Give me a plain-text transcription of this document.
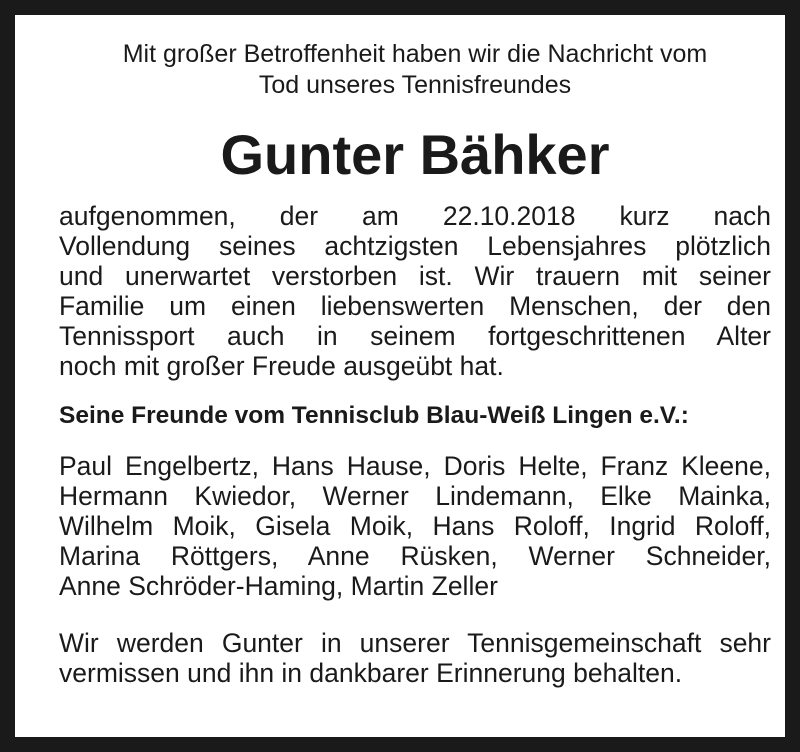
Mit großer Betroffenheit haben wir die Nachricht vom
Tod unseres Tennisfreundes

Gunter Bähker
aufgenommen, der am 22.10.2018 kurz nach
Vollendung seines achtzigsten Lebensjahres plötzlich
und unerwartet verstorben ist. Wir trauern mit seiner
Familie um einen liebenswerten Menschen, der den
Tennissport auch in seinem fortgeschrittenen Alter
noch mit großer Freude ausgeübt hat.
Seine Freunde vom Tennisclub Blau-Weiß Lingen e.V.:
Paul Engelbertz, Hans Hause, Doris Helte, Franz Kleene,
Hermann Kwiedor, Werner Lindemann, Elke Mainka,
Wilhelm Moik, Gisela Moik, Hans Roloff, Ingrid Roloff,
Marina Röttgers, Anne Rüsken, Werner Schneider,
Anne Schröder-Haming, Martin Zeller
Wir werden Gunter in unserer Tennisgemeinschaft sehr
vermissen und ihn in dankbarer Erinnerung behalten.
